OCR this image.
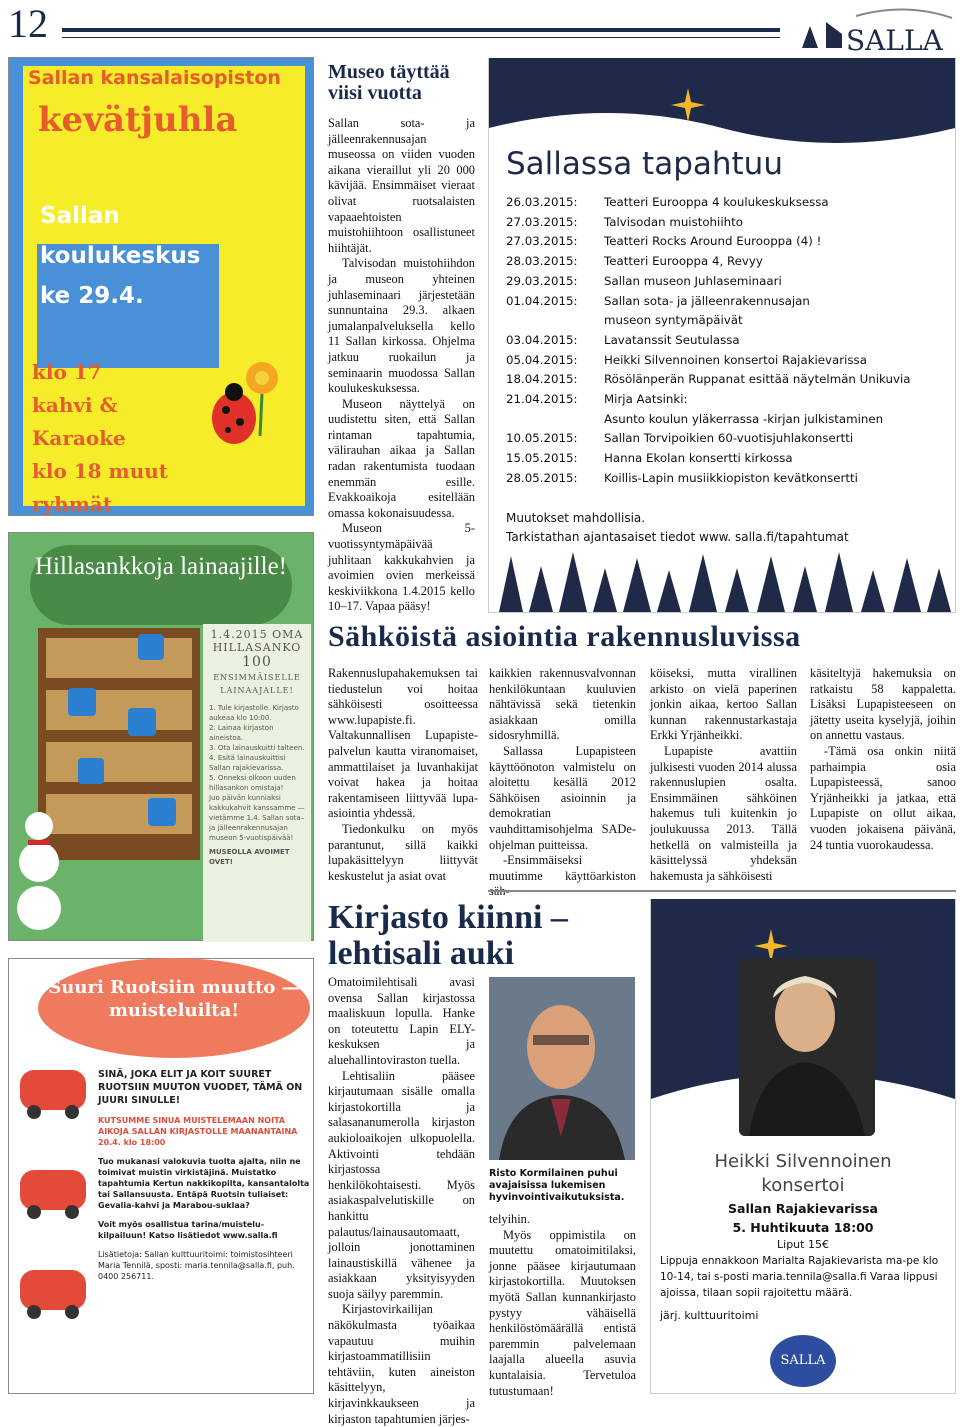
12	SALLA
Sallan kansalaisopiston
kevätjuhla
Sallan
koulukeskus
ke 29.4.
klo 17
kahvi &
Karaoke
klo 18 muut
ryhmät
Hillasankkoja lainaajille!
1.4.2015 OMA HILLASANKO
100
ENSIMMÄISELLE LAINAAJALLE!
1. Tule kirjastolle. Kirjasto aukeaa klo 10:00.
2. Lainaa kirjaston aineistoa.
3. Ota lainauskuitti talteen.
4. Esitä lainauskuittisi Sallan rajakievarissa.
5. Onneksi olkoon uuden hillasankon omistaja!
Juo päivän kunniaksi kakkukahvit kanssamme — vietämme 1.4. Sallan sota– ja jälleenrakennusajan museon 5-vuotispäivää!
MUSEOLLA AVOIMET OVET!
Suuri Ruotsiin muutto —muisteluilta!
SINÄ, JOKA ELIT JA KOIT SUURET RUOTSIIN MUUTON VUODET, TÄMÄ ON JUURI SINULLE!
KUTSUMME SINUA MUISTELEMAAN NOITA AIKOJA SALLAN KIRJASTOLLE MAANANTAINA 20.4. klo 18:00
Tuo mukanasi valokuvia tuolta ajalta, niin ne toimivat muistin virkistäjinä. Muistatko tapahtumia Kertun nakkikopilta, kansantalolta tai Sallansuusta. Entäpä Ruotsin tuliaiset: Gevalia-kahvi ja Marabou-suklaa?
Voit myös osallistua tarina/muistelu-kilpailuun! Katso lisätiedot www.salla.fi
Lisätietoja: Sallan kulttuuritoimi: toimistosihteeri Maria Tennilä, sposti: maria.tennila@salla.fi, puh. 0400 256711.
Museo täyttää viisi vuotta

Sallan sota- ja jälleenrakennusajan museossa on viiden vuoden aikana vieraillut yli 20 000 kävijää. Ensimmäiset vieraat olivat ruotsalaisten vapaaehtoisten muistohiihtoon osallistuneet hiihtäjät.

Talvisodan muistohiihdon ja museon yhteinen juhlaseminaari järjestetään sunnuntaina 29.3. alkaen jumalanpalveluksella kello 11 Sallan kirkossa. Ohjelma jatkuu ruokailun ja seminaarin muodossa Sallan koulukeskuksessa.

Museon näyttelyä on uudistettu siten, että Sallan rintaman tapahtumia, välirauhan aikaa ja Sallan radan rakentumista tuodaan enemmän esille. Evakkoaikoja esitellään omassa kokonaisuudessa.

Museon 5-vuotissyntymäpäivää juhlitaan kakkukahvien ja avoimien ovien merkeissä keskiviikkona 1.4.2015 kello 10–17. Vapaa pääsy!

Sallassa tapahtuu
26.03.2015:	Teatteri Eurooppa 4 koulukeskuksessa
27.03.2015:	Talvisodan muistohiihto
27.03.2015:	Teatteri Rocks Around Eurooppa (4) !
28.03.2015:	Teatteri Eurooppa 4, Revyy
29.03.2015:	Sallan museon Juhlaseminaari
01.04.2015:	Sallan sota- ja jälleenrakennusajan
museon syntymäpäivät
03.04.2015:	Lavatanssit Seutulassa
05.04.2015:	Heikki Silvennoinen konsertoi Rajakievarissa
18.04.2015:	Rösölänperän Ruppanat esittää näytelmän Unikuvia
21.04.2015:	Mirja Aatsinki:
Asunto koulun yläkerrassa -kirjan julkistaminen
10.05.2015:	Sallan Torvipoikien 60-vuotisjuhlakonsertti
15.05.2015:	Hanna Ekolan konsertti kirkossa
28.05.2015:	Koillis-Lapin musiikkiopiston kevätkonsertti
Muutokset mahdollisia.
Tarkistathan ajantasaiset tiedot www. salla.fi/tapahtumat
Sähköistä asiointia rakennusluvissa

Rakennuslupahakemuksen tai tiedustelun voi hoitaa sähköisesti osoitteessa www.lupapiste.fi. Valtakunnallisen Lupapiste-palvelun kautta viranomaiset, ammattilaiset ja luvanhakijat voivat hakea ja hoitaa rakentamiseen liittyvää lupa-asiointia yhdessä.

Tiedonkulku on myös parantunut, sillä kaikki lupakäsittelyyn liittyvät keskustelut ja asiat ovat

kaikkien rakennusvalvonnan henkilökuntaan kuuluvien nähtävissä sekä tietenkin asiakkaan omilla sidosryhmillä.

Sallassa Lupapisteen käyttöönoton valmistelu on aloitettu kesällä 2012 Sähköisen asioinnin ja demokratian vauhdittamisohjelma SADe-ohjelman puitteissa.

-Ensimmäiseksi muutimme käyttöarkiston

köiseksi, mutta virallinen arkisto on vielä paperinen jonkin aikaa, kertoo Sallan kunnan rakennustarkastaja Erkki Yrjänheikki.

Lupapiste avattiin julkisesti vuoden 2014 alussa rakennuslupien osalta. Ensimmäinen sähköinen hakemus tuli kuitenkin jo joulukuussa 2013. Tällä hetkellä on valmisteilla ja käsittelyssä yhdeksän hakemusta ja sähköisesti

käsiteltyjä hakemuksia on ratkaistu 58 kappaletta. Lisäksi Lupapisteeseen on jätetty useita kyselyjä, joihin on annettu vastaus.

-Tämä osa onkin niitä parhaimpia osia Lupapisteessä, sanoo Yrjänheikki ja jatkaa, että Lupapiste on ollut aikaa, vuoden jokaisena päivänä, 24 tuntia vuorokaudessa.

Kirjasto kiinni – lehtisali auki

Omatoimilehtisali avasi ovensa Sallan kirjastossa maaliskuun lopulla. Hanke on toteutettu Lapin ELY-keskuksen ja aluehallintoviraston tuella.

Lehtisaliin pääsee kirjautumaan sisälle omalla kirjastokortilla ja salasananumerolla kirjaston aukioloaikojen ulkopuolella. Aktivointi tehdään kirjastossa henkilökohtaisesti. Myös asiakaspalvelutiskille on hankittu palautus/lainausautomaatt, jolloin jonottaminen lainaustiskillä vähenee ja asiakkaan yksityisyyden suoja säilyy paremmin.

Kirjastovirkailijan näkökulmasta työaikaa vapautuu muihin kirjastoammatillisiin tehtäviin, kuten aineiston käsittelyyn, kirjavinkkaukseen ja kirjaston tapahtumien järjes-

Risto Kormilainen puhui avajaisissa lukemisen hyvinvointivaikutuksista.

telyihin.

Myös oppimistila on muutettu omatoimitilaksi, jonne pääsee kirjautumaan kirjastokortilla. Muutoksen myötä Sallan kunnankirjasto pystyy vähäisellä henkilöstömäärällä entistä paremmin palvelemaan laajalla alueella asuvia kuntalaisia. Tervetuloa tutustumaan!

Heikki Silvennoinen
konsertoi
Sallan Rajakievarissa
5. Huhtikuuta 18:00
Liput 15€
Lippuja ennakkoon Marialta Rajakievarista ma-pe klo 10-14, tai s-posti maria.tennila@salla.fi Varaa lippusi ajoissa, tilaan sopii rajoitettu määrä.
järj. kulttuuritoimi
SALLA
